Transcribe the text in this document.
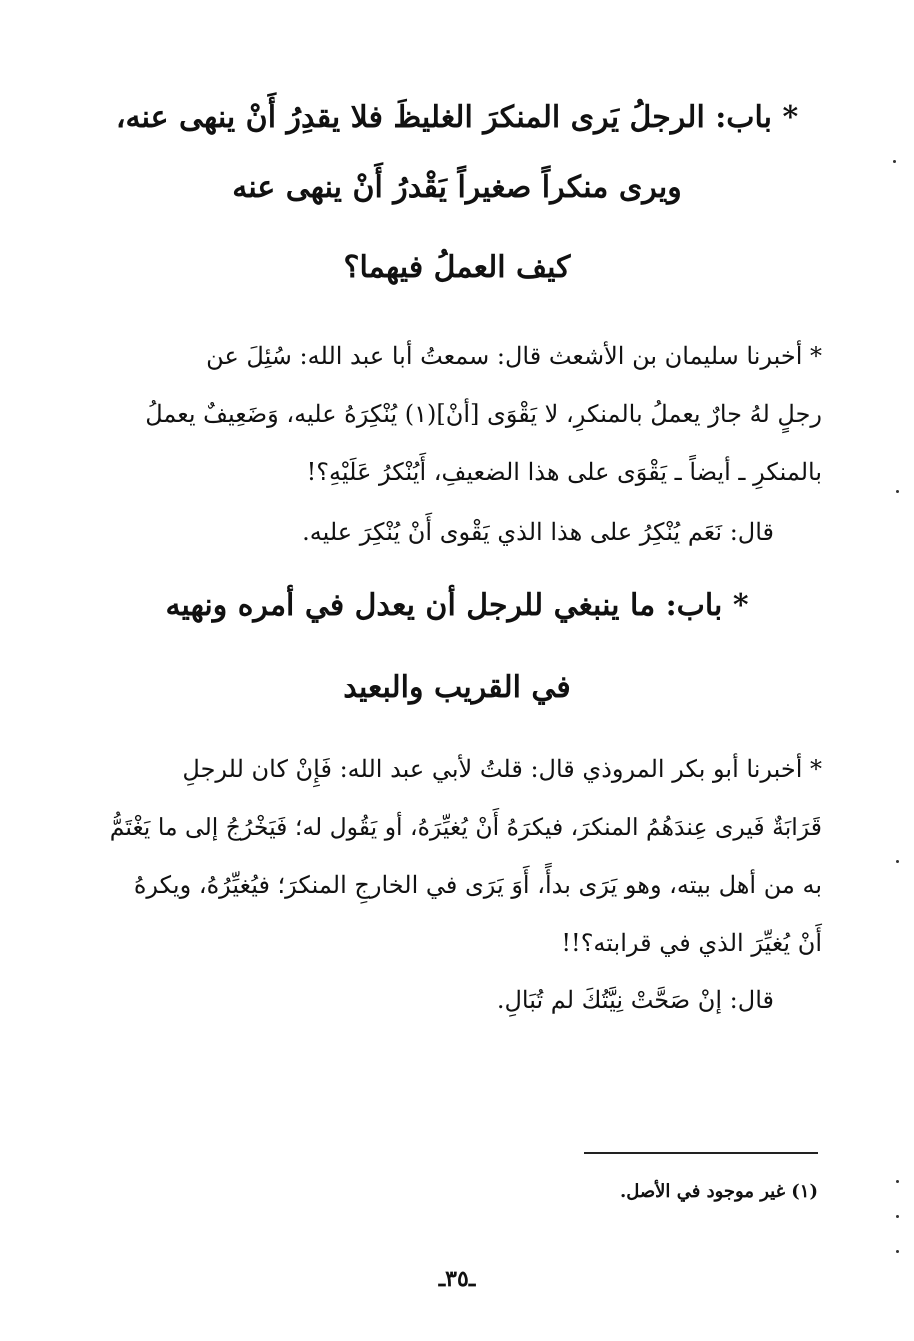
* باب: الرجلُ يَرى المنكرَ الغليظَ فلا يقدِرُ أَنْ ينهى عنه،
ويرى منكراً صغيراً يَقْدرُ أَنْ ينهى عنه
كيف العملُ فيهما؟
* أخبرنا سليمان بن الأشعث قال: سمعتُ أبا عبد الله: سُئِلَ عن
رجلٍ لهُ جارٌ يعملُ بالمنكرِ، لا يَقْوَى [أنْ](١) يُنْكِرَهُ عليه، وَضَعِيفٌ يعملُ
بالمنكرِ ـ أيضاً ـ يَقْوَى على هذا الضعيفِ، أَيُنْكرُ عَلَيْهِ؟!
قال: نَعَم يُنْكِرُ على هذا الذي يَقْوى أَنْ يُنْكِرَ عليه.
* باب: ما ينبغي للرجل أن يعدل في أمره ونهيه
في القريب والبعيد
* أخبرنا أبو بكر المروذي قال: قلتُ لأبي عبد الله: فَإِنْ كان للرجلِ
قَرَابَةٌ فَيرى عِندَهُمُ المنكرَ، فيكرَهُ أَنْ يُغيِّرَهُ، أو يَقُول له؛ فَيَخْرُجُ إلى ما يَغْتَمُّ
به من أهل بيته، وهو يَرَى بدأً، أَوَ يَرَى في الخارجِ المنكرَ؛ فيُغيِّرُهُ، ويكرهُ
أَنْ يُغيِّرَ الذي في قرابته؟!!
قال: إنْ صَحَّتْ نِيَّتُكَ لم تُبَالِ.
(١) غير موجود في الأصل.
ـ٣٥ـ
